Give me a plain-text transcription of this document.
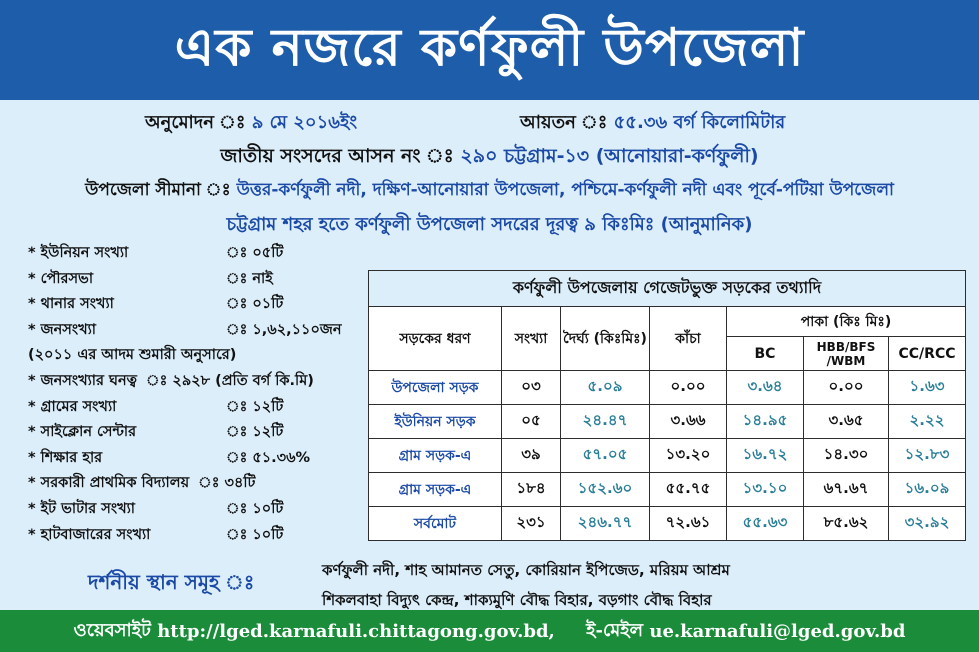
এক নজরে কর্ণফুলী উপজেলা
অনুমোদন ঃ ৯ মে ২০১৬ইং	আয়তন ঃ ৫৫.৩৬ বর্গ কিলোমিটার
জাতীয় সংসদের আসন নং ঃ ২৯০ চট্টগ্রাম-১৩ (আনোয়ারা-কর্ণফুলী)
উপজেলা সীমানা ঃ উত্তর-কর্ণফুলী নদী, দক্ষিণ-আনোয়ারা উপজেলা, পশ্চিমে-কর্ণফুলী নদী এবং পূর্বে-পটিয়া উপজেলা
চট্টগ্রাম শহর হতে কর্ণফুলী উপজেলা সদরের দূরত্ব ৯ কিঃমিঃ (আনুমানিক)
* ইউনিয়ন সংখ্যা	ঃ ০৫টি
* পৌরসভা	ঃ নাই
* থানার সংখ্যা	ঃ ০১টি
* জনসংখ্যা	ঃ ১,৬২,১১০জন
(২০১১ এর আদম শুমারী অনুসারে)
* জনসংখ্যার ঘনত্ব ঃ ২৯২৮ (প্রতি বর্গ কি.মি)
* গ্রামের সংখ্যা	ঃ ১২টি
* সাইক্লোন সেন্টার	ঃ ১২টি
* শিক্ষার হার	ঃ ৫১.৩৬%
* সরকারী প্রাথমিক বিদ্যালয় ঃ ৩৪টি
* ইট ভাটার সংখ্যা	ঃ ১০টি
* হাটবাজারের সংখ্যা	ঃ ১০টি
কর্ণফুলী উপজেলায় গেজেটভুক্ত সড়কের তথ্যাদি						
সড়কের ধরণ	সংখ্যা	দৈর্ঘ্য (কিঃমিঃ)	কাঁচা	পাকা (কিঃ মিঃ)		
				BC	HBB/BFS /WBM	CC/RCC
উপজেলা সড়ক	০৩	৫.০৯	০.০০	৩.৬৪	০.০০	১.৬৩
ইউনিয়ন সড়ক	০৫	২৪.৪৭	৩.৬৬	১৪.৯৫	৩.৬৫	২.২২
গ্রাম সড়ক-এ	৩৯	৫৭.০৫	১৩.২০	১৬.৭২	১৪.৩০	১২.৮৩
গ্রাম সড়ক-এ	১৮৪	১৫২.৬০	৫৫.৭৫	১৩.১০	৬৭.৬৭	১৬.০৯
সর্বমোট	২৩১	২৪৬.৭৭	৭২.৬১	৫৫.৬৩	৮৫.৬২	৩২.৯২
দর্শনীয় স্থান সমূহ ঃ	কর্ণফুলী নদী, শাহ আমানত সেতু, কোরিয়ান ইপিজেড, মরিয়ম আশ্রম
শিকলবাহা বিদ্যুৎ কেন্দ্র, শাক্যমুণি বৌদ্ধ বিহার, বড়গাং বৌদ্ধ বিহার
ওয়েবসাইট
http://lged.karnafuli.chittagong.gov.bd,
ই-মেইল
ue.karnafuli@lged.gov.bd
